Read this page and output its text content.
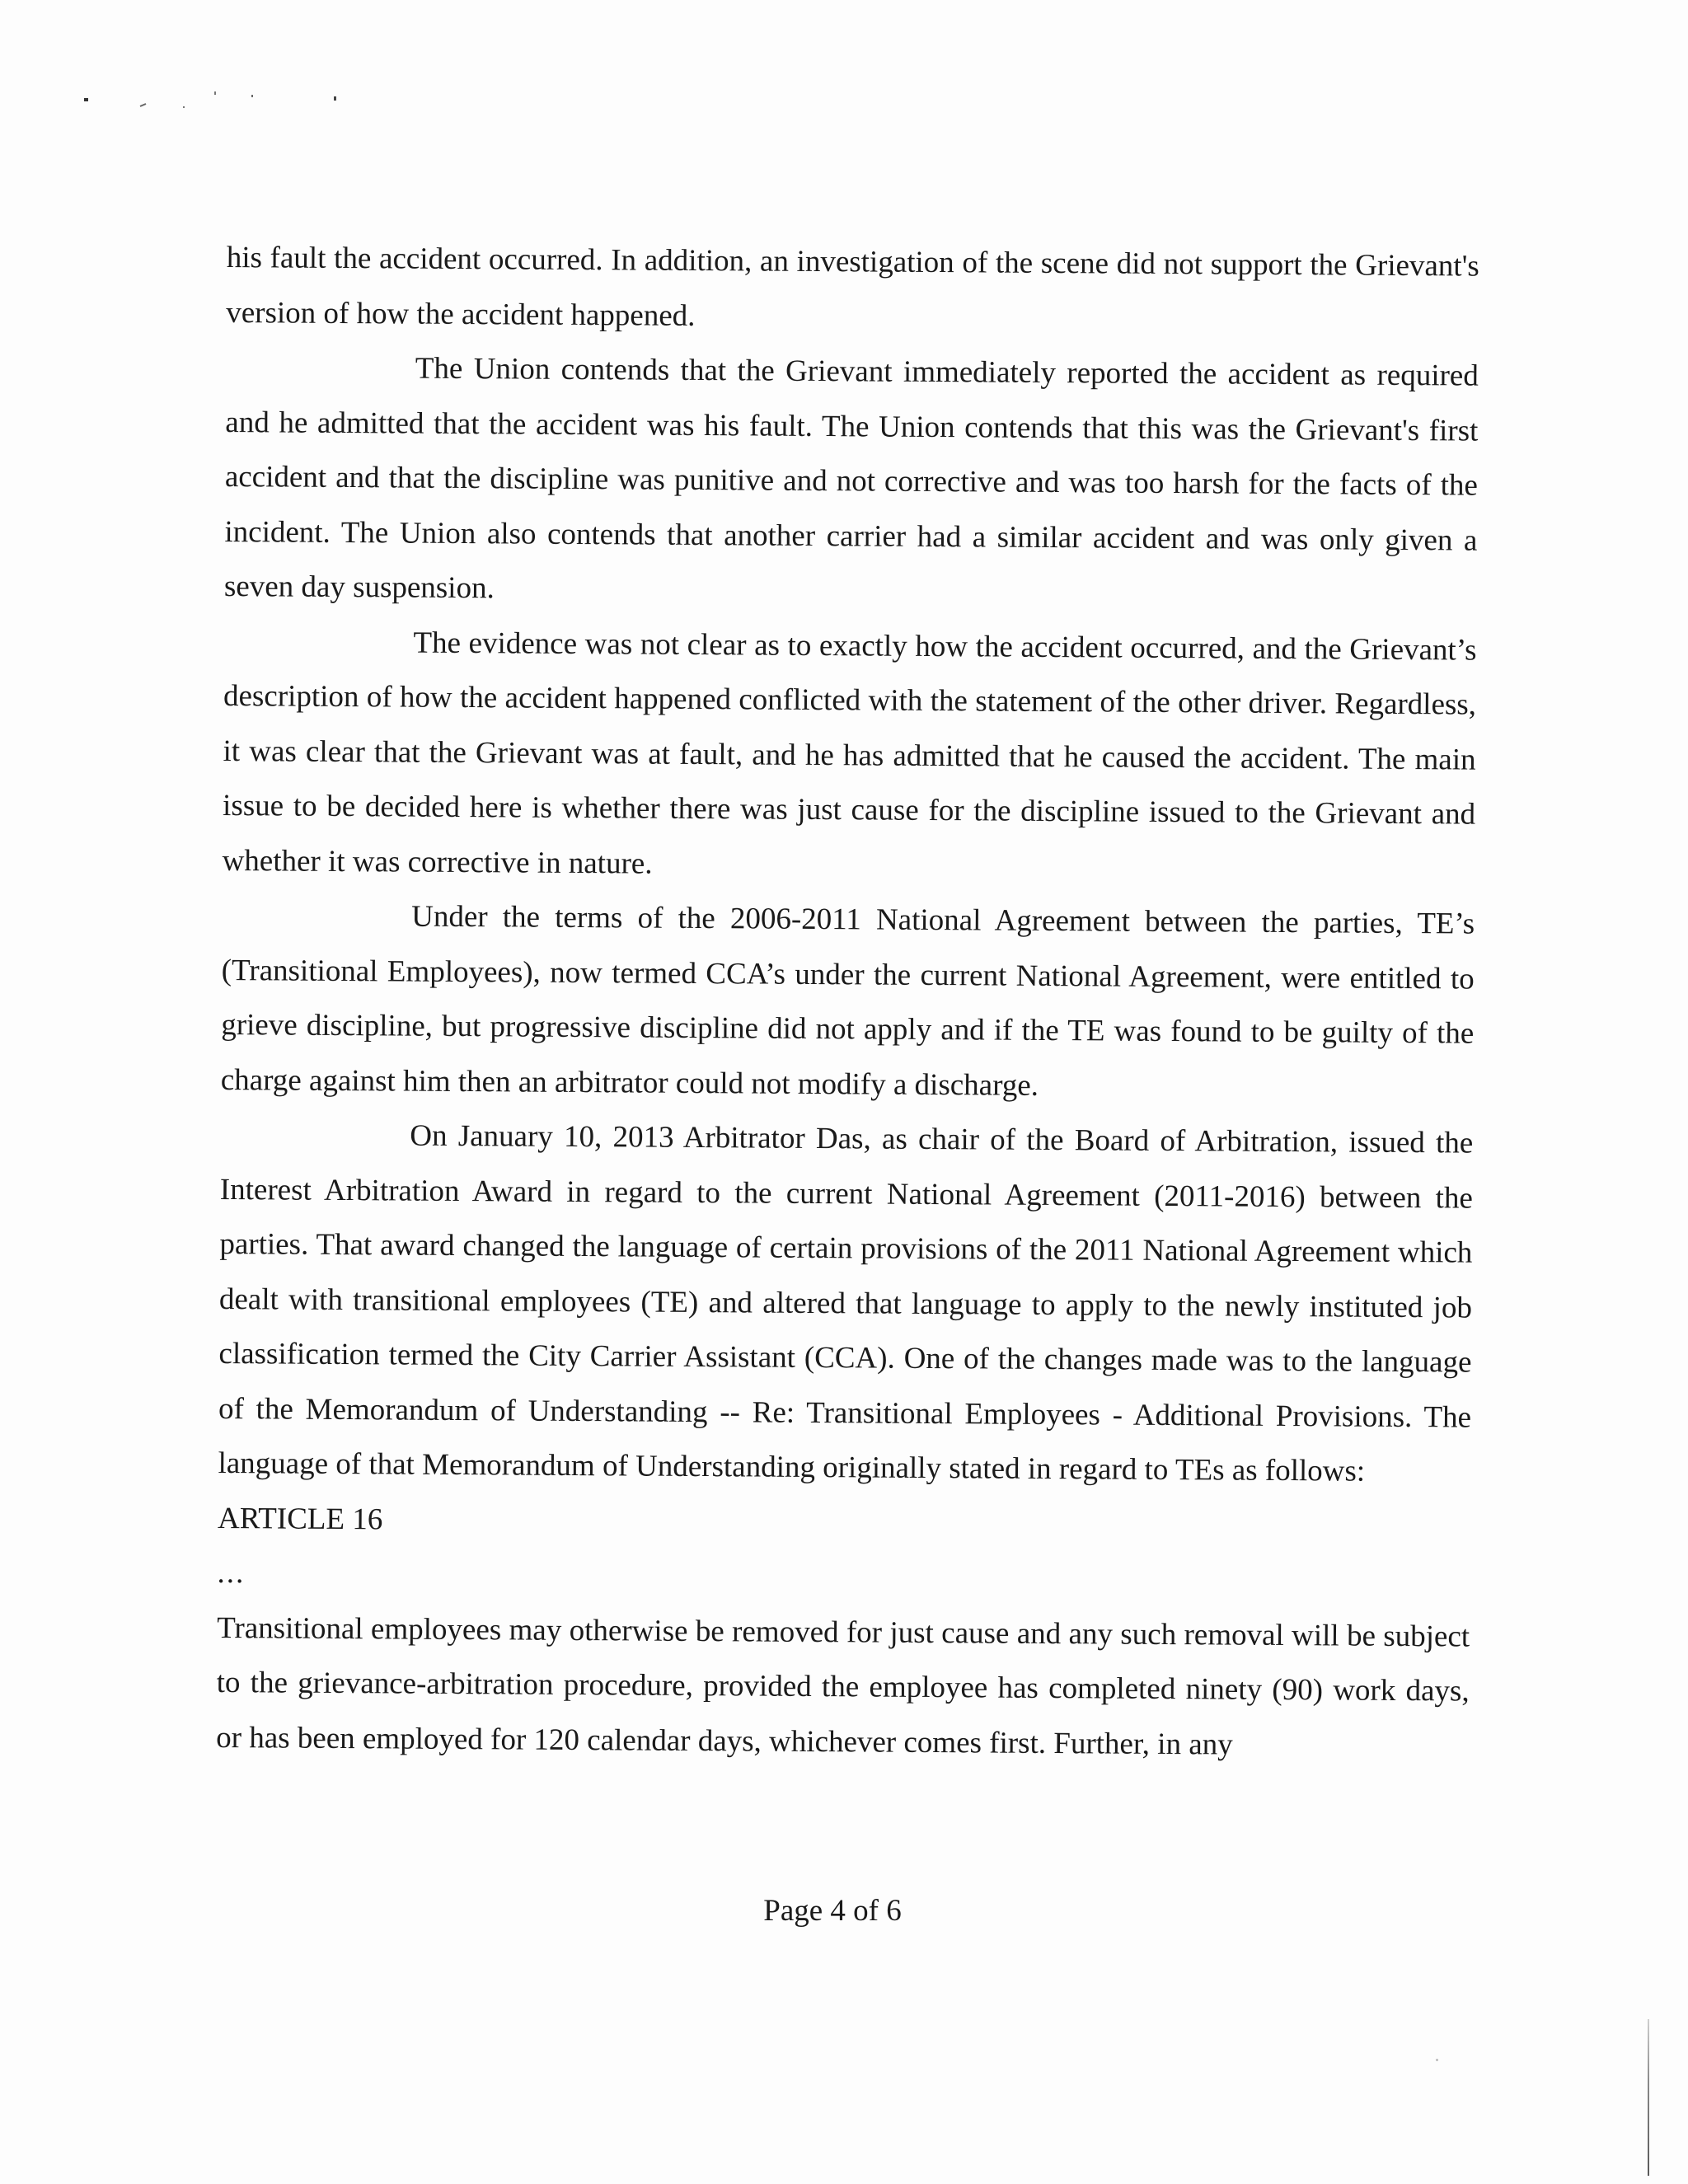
his fault the accident occurred. In addition, an investigation of the scene did not support the Grievant's version of how the accident happened.

The Union contends that the Grievant immediately reported the accident as required and he admitted that the accident was his fault. The Union contends that this was the Grievant's first accident and that the discipline was punitive and not corrective and was too harsh for the facts of the incident. The Union also contends that another carrier had a similar accident and was only given a seven day suspension.

The evidence was not clear as to exactly how the accident occurred, and the Grievant’s description of how the accident happened conflicted with the statement of the other driver. Regardless, it was clear that the Grievant was at fault, and he has admitted that he caused the accident. The main issue to be decided here is whether there was just cause for the discipline issued to the Grievant and whether it was corrective in nature.

Under the terms of the 2006-2011 National Agreement between the parties, TE’s (Transitional Employees), now termed CCA’s under the current National Agreement, were entitled to grieve discipline, but progressive discipline did not apply and if the TE was found to be guilty of the charge against him then an arbitrator could not modify a discharge.

On January 10, 2013 Arbitrator Das, as chair of the Board of Arbitration, issued the Interest Arbitration Award in regard to the current National Agreement (2011-2016) between the parties. That award changed the language of certain provisions of the 2011 National Agreement which dealt with transitional employees (TE) and altered that language to apply to the newly instituted job classification termed the City Carrier Assistant (CCA). One of the changes made was to the language of the Memorandum of Understanding -- Re: Transitional Employees - Additional Provisions. The language of that Memorandum of Understanding originally stated in regard to TEs as follows:

ARTICLE 16

...

Transitional employees may otherwise be removed for just cause and any such removal will be subject to the grievance-arbitration procedure, provided the employee has completed ninety (90) work days, or has been employed for 120 calendar days, whichever comes first. Further, in any

Page 4 of 6
